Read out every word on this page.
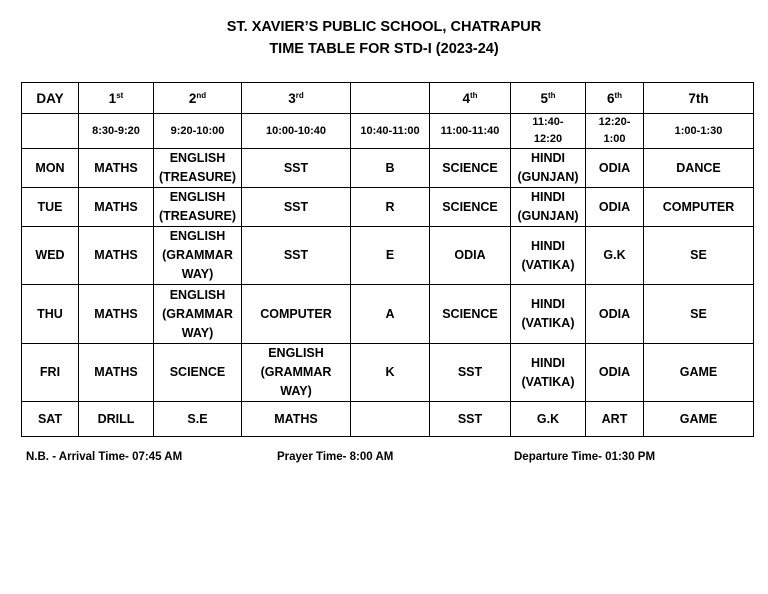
ST. XAVIER’S PUBLIC SCHOOL, CHATRAPUR
TIME TABLE FOR STD-I (2023-24)
DAY	1st	2nd	3rd		4th	5th	6th	7th
	8:30-9:20	9:20-10:00	10:00-10:40	10:40-11:00	11:00-11:40	11:40-
12:20	12:20-
1:00	1:00-1:30
MON	MATHS	ENGLISH
(TREASURE)	SST	B	SCIENCE	HINDI
(GUNJAN)	ODIA	DANCE
TUE	MATHS	ENGLISH
(TREASURE)	SST	R	SCIENCE	HINDI
(GUNJAN)	ODIA	COMPUTER
WED	MATHS	ENGLISH
(GRAMMAR
WAY)	SST	E	ODIA	HINDI
(VATIKA)	G.K	SE
THU	MATHS	ENGLISH
(GRAMMAR
WAY)	COMPUTER	A	SCIENCE	HINDI
(VATIKA)	ODIA	SE
FRI	MATHS	SCIENCE	ENGLISH
(GRAMMAR
WAY)	K	SST	HINDI
(VATIKA)	ODIA	GAME
SAT	DRILL	S.E	MATHS		SST	G.K	ART	GAME
N.B. - Arrival Time- 07:45 AM	Prayer Time- 8:00 AM	Departure Time- 01:30 PM
